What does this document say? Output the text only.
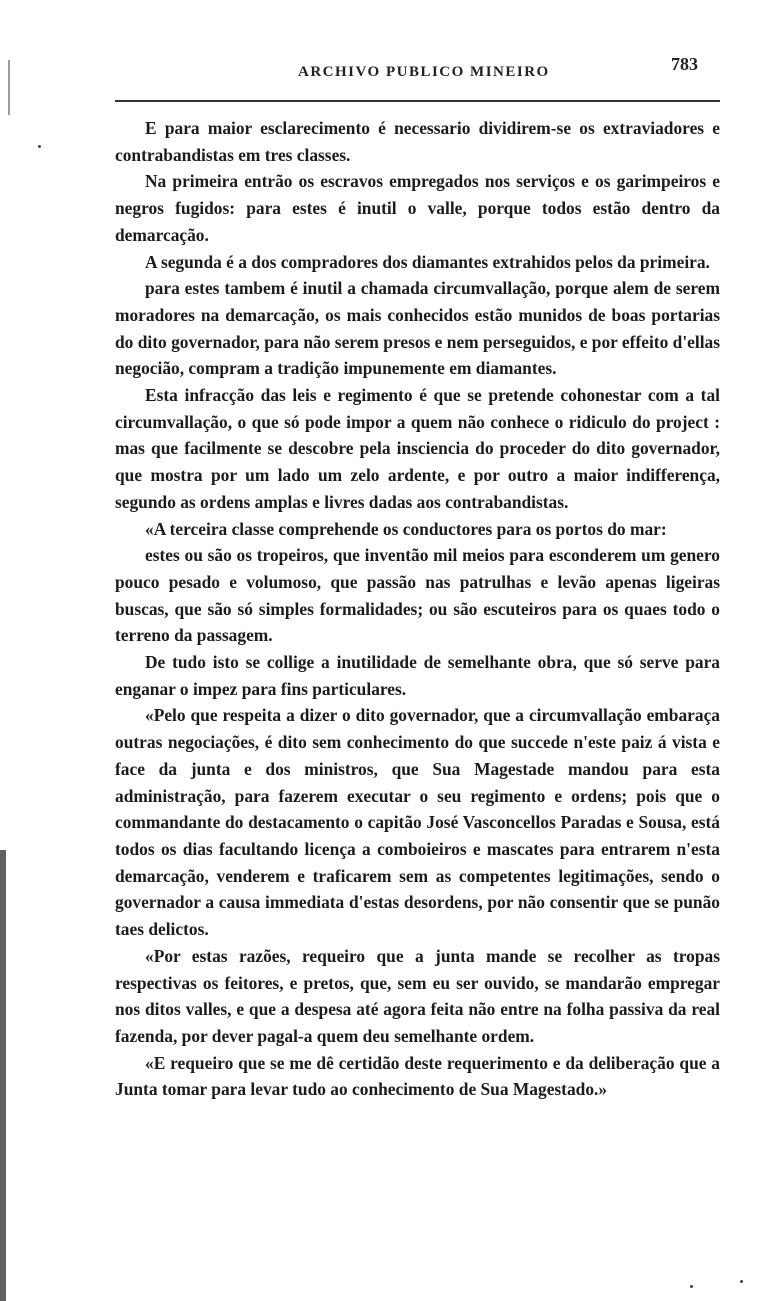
ARCHIVO PUBLICO MINEIRO	783

E para maior esclarecimento é necessario dividirem-se os extraviadores e contrabandistas em tres classes.

Na primeira entrão os escravos empregados nos serviços e os garimpeiros e negros fugidos: para estes é inutil o valle, porque todos estão dentro da demarcação.

A segunda é a dos compradores dos diamantes extrahidos pelos da primeira.

para estes tambem é inutil a chamada circumvallação, porque alem de serem moradores na demarcação, os mais conhecidos estão munidos de boas portarias do dito governador, para não serem presos e nem perseguidos, e por effeito d'ellas negocião, compram a tradição impunemente em diamantes.

Esta infracção das leis e regimento é que se pretende cohonestar com a tal circumvallação, o que só pode impor a quem não conhece o ridiculo do project : mas que facilmente se descobre pela insciencia do proceder do dito governador, que mostra por um lado um zelo ardente, e por outro a maior indifferença, segundo as ordens amplas e livres dadas aos contrabandistas.

«A terceira classe comprehende os conductores para os portos do mar:

estes ou são os tropeiros, que inventão mil meios para esconderem um genero pouco pesado e volumoso, que passão nas patrulhas e levão apenas ligeiras buscas, que são só simples formalidades; ou são escuteiros para os quaes todo o terreno da passagem.

De tudo isto se collige a inutilidade de semelhante obra, que só serve para enganar o impez para fins particulares.

«Pelo que respeita a dizer o dito governador, que a circumvallação embaraça outras negociações, é dito sem conhecimento do que succede n'este paiz á vista e face da junta e dos ministros, que Sua Magestade mandou para esta administração, para fazerem executar o seu regimento e ordens; pois que o commandante do destacamento o capitão José Vasconcellos Paradas e Sousa, está todos os dias facultando licença a comboieiros e mascates para entrarem n'esta demarcação, venderem e traficarem sem as competentes legitimações, sendo o governador a causa immediata d'estas desordens, por não consentir que se punão taes delictos.

«Por estas razões, requeiro que a junta mande se recolher as tropas respectivas os feitores, e pretos, que, sem eu ser ouvido, se mandarão empregar nos ditos valles, e que a despesa até agora feita não entre na folha passiva da real fazenda, por dever pagal-a quem deu semelhante ordem.

«E requeiro que se me dê certidão deste requerimento e da deliberação que a Junta tomar para levar tudo ao conhecimento de Sua Magestado.»
